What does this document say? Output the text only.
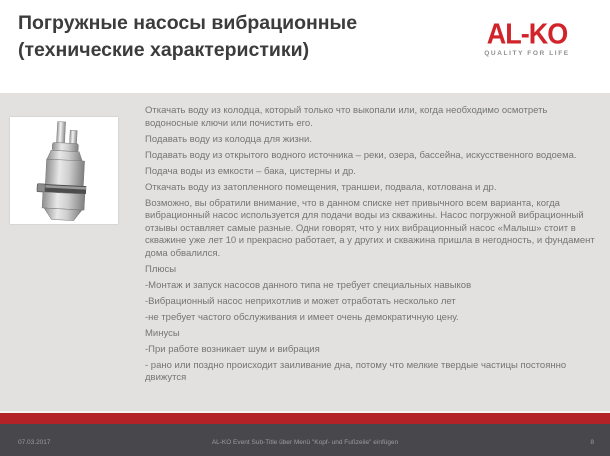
Погружные насосы вибрационные
(технические характеристики)
AL-KO
QUALITY FOR LIFE

Откачать воду из колодца, который только что выкопали или, когда необходимо осмотреть водоносные ключи или почистить его.

Подавать воду из колодца для жизни.

Подавать воду из открытого водного источника – реки, озера, бассейна, искусственного водоема.

Подача воды из емкости – бака, цистерны и др.

Откачать воду из затопленного помещения, траншеи, подвала, котлована и др.

Возможно, вы обратили внимание, что в данном списке нет привычного всем варианта, когда вибрационный насос используется для подачи воды из скважины. Насос погружной вибрационный отзывы оставляет самые разные. Одни говорят, что у них вибрационный насос «Малыш» стоит в скважине уже лет 10 и прекрасно работает, а у других и скважина пришла в негодность, и фундамент дома обвалился.

Плюсы

-Монтаж и запуск насосов данного типа не требует специальных навыков

-Вибрационный насос неприхотлив и может отработать несколько лет

-не требует частого обслуживания и имеет очень демократичную цену.

Минусы

-При работе возникает шум и вибрация

- рано или поздно происходит заиливание дна, потому что мелкие твердые частицы постоянно движутся

07.03.2017	AL-KO Event Sub-Title über Menü "Kopf- und Fußzeile" einfügen	8
